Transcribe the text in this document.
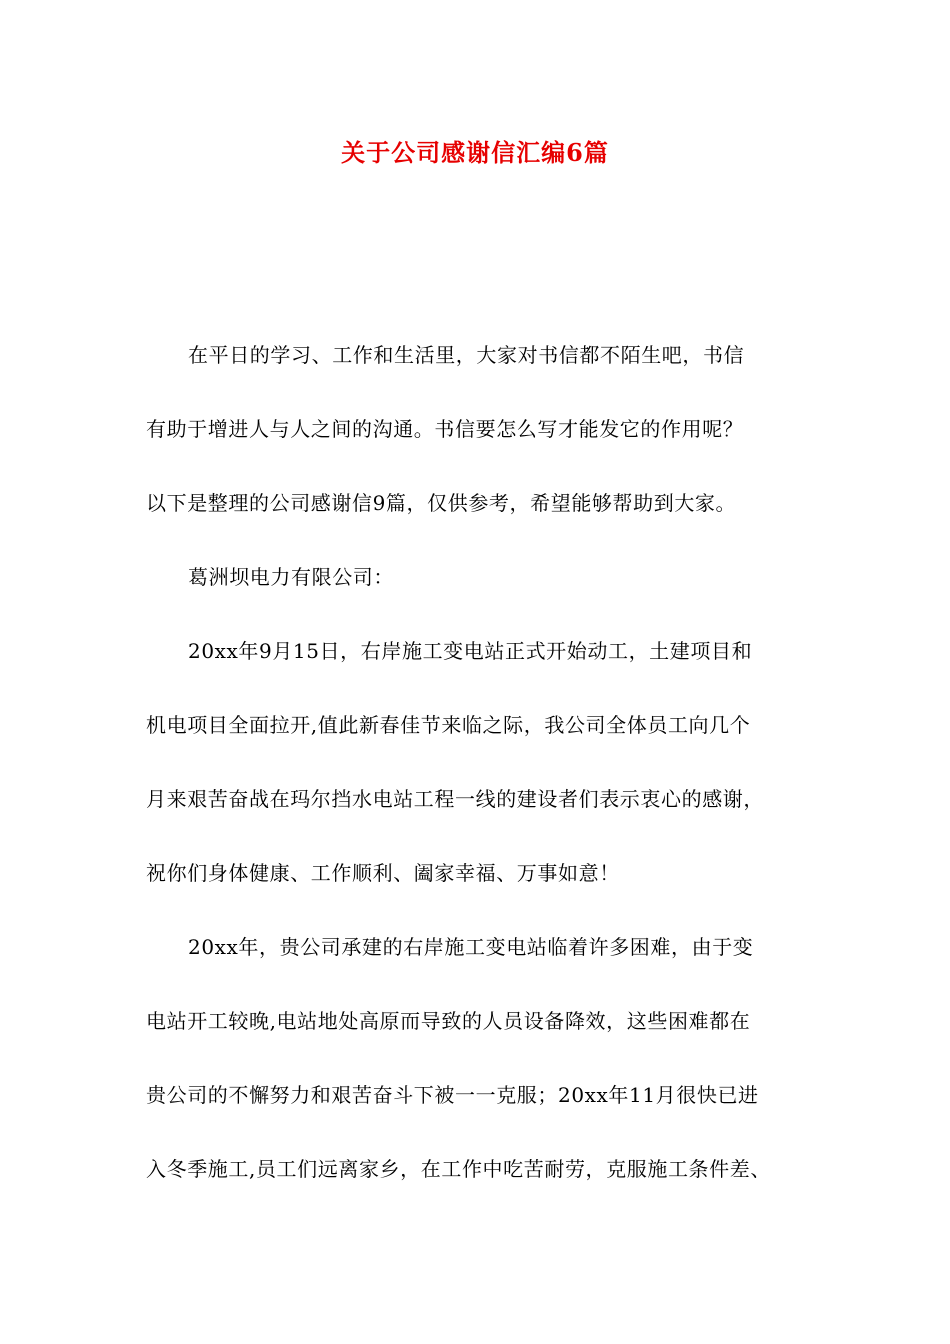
关于公司感谢信汇编6篇
在平日的学习、工作和生活里，大家对书信都不陌生吧，书信
有助于增进人与人之间的沟通。书信要怎么写才能发它的作用呢？
以下是整理的公司感谢信9篇，仅供参考，希望能够帮助到大家。
葛洲坝电力有限公司：
20xx年9月15日，右岸施工变电站正式开始动工，土建项目和
机电项目全面拉开,值此新春佳节来临之际，我公司全体员工向几个
月来艰苦奋战在玛尔挡水电站工程一线的建设者们表示衷心的感谢，
祝你们身体健康、工作顺利、阖家幸福、万事如意！
20xx年，贵公司承建的右岸施工变电站临着许多困难，由于变
电站开工较晚,电站地处高原而导致的人员设备降效，这些困难都在
贵公司的不懈努力和艰苦奋斗下被一一克服；20xx年11月很快已进
入冬季施工,员工们远离家乡，在工作中吃苦耐劳，克服施工条件差、
